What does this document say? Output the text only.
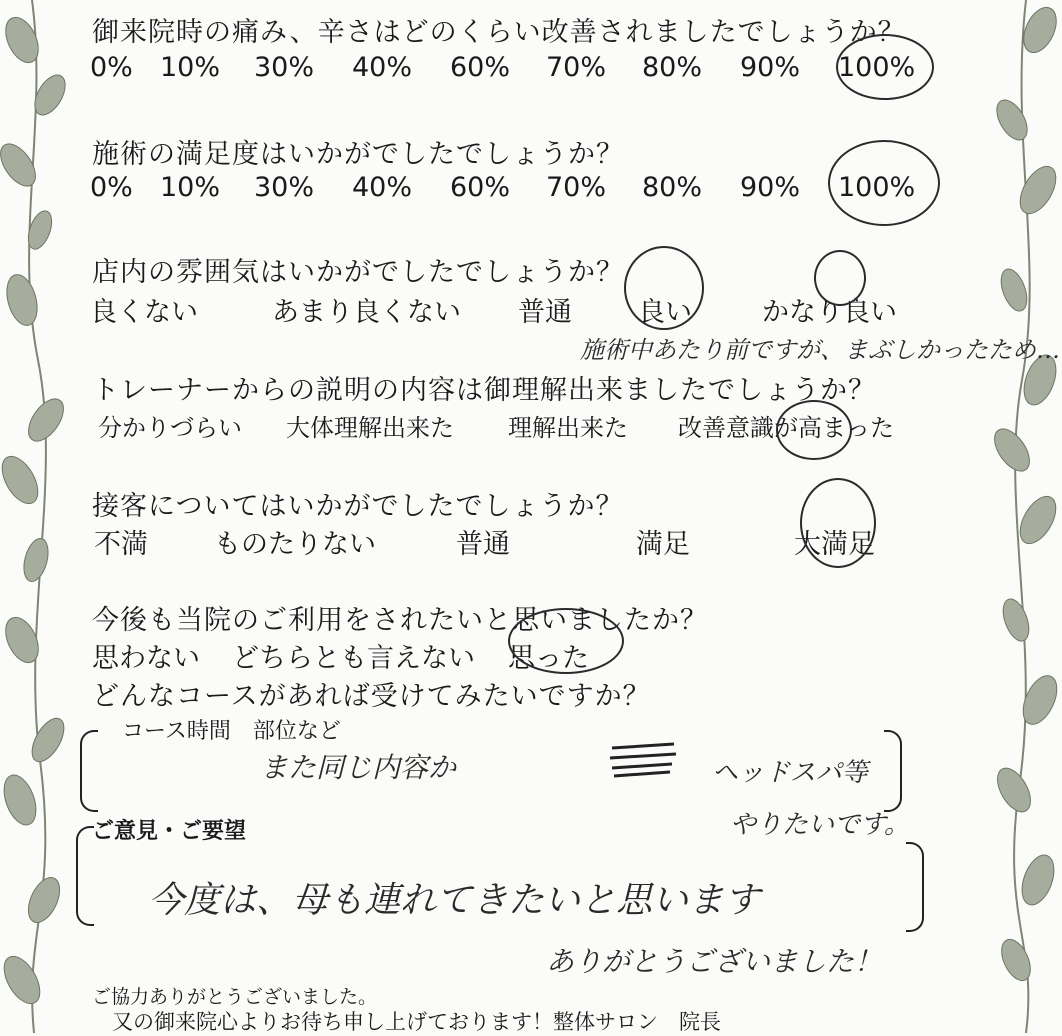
御来院時の痛み、辛さはどのくらい改善されましたでしょうか？
0% 10% 30% 40% 60% 70% 80% 90% 100%
施術の満足度はいかがでしたでしょうか？
0% 10% 30% 40% 60% 70% 80% 90% 100%
店内の雰囲気はいかがでしたでしょうか？
良くない	あまり良くない 普通 良い	かなり良い
施術中あたり前ですが、まぶしかったため…
トレーナーからの説明の内容は御理解出来ましたでしょうか？
分かりづらい 大体理解出来た 理解出来た 改善意識が高まった
接客についてはいかがでしたでしょうか？
不満 ものたりない	普通	満足	大満足
今後も当院のご利用をされたいと思いましたか？
思わない どちらとも言えない 思った
どんなコースがあれば受けてみたいですか？
コース時間　部位など
また同じ内容か	ヘッドスパ等
やりたいです。
ご意見・ご要望
今度は、母も連れてきたいと思います
ありがとうございました！
ご協力ありがとうございました。
又の御来院心よりお待ち申し上げております！整体サロン　院長
